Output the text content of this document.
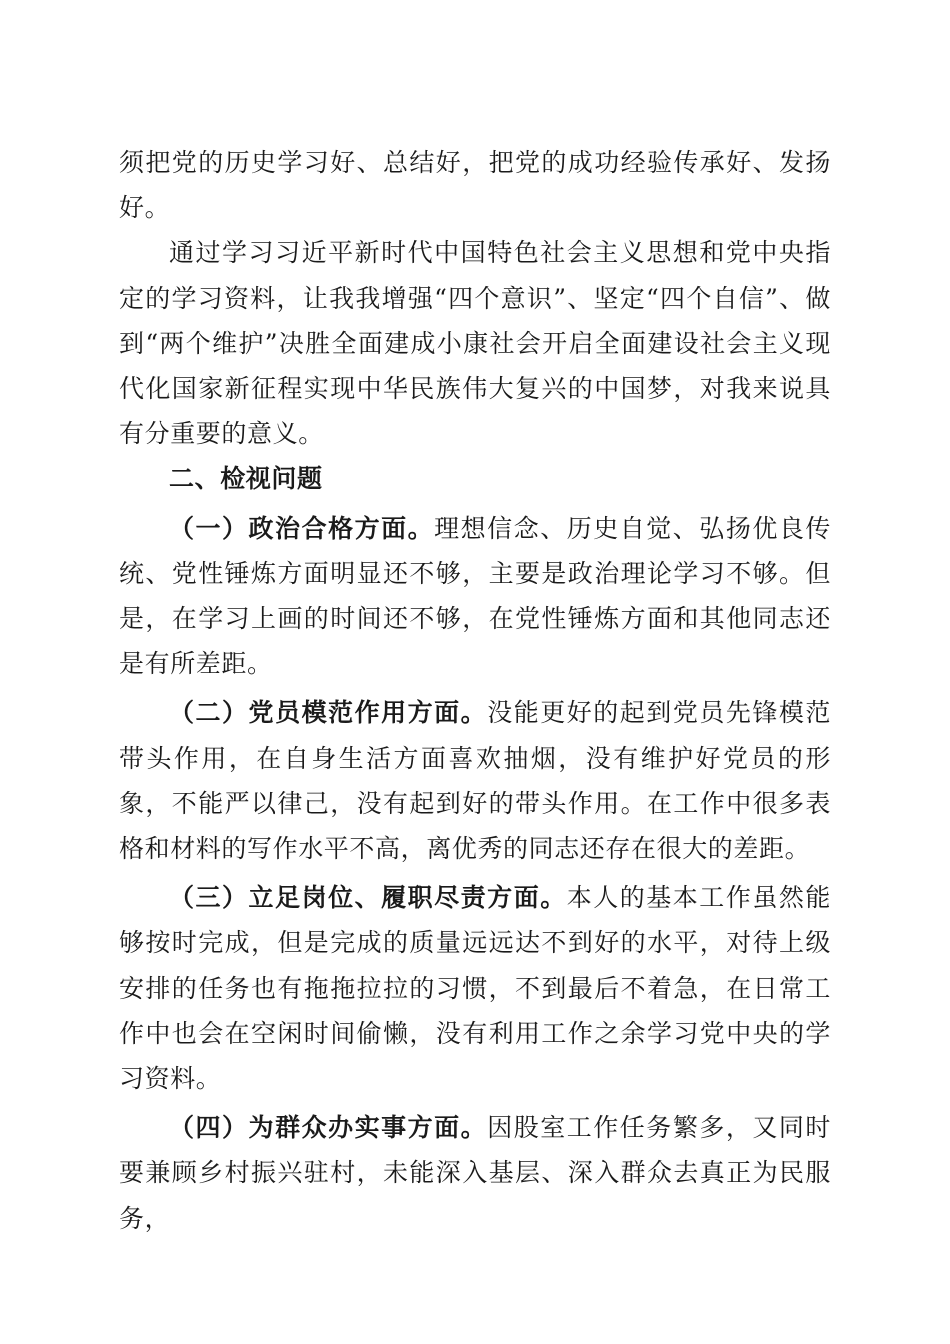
须把党的历史学习好、总结好，把党的成功经验传承好、发扬好。

通过学习习近平新时代中国特色社会主义思想和党中央指定的学习资料，让我我增强“四个意识”、坚定“四个自信”、做到“两个维护”决胜全面建成小康社会开启全面建设社会主义现代化国家新征程实现中华民族伟大复兴的中国梦，对我来说具有分重要的意义。

二、检视问题

（一）政治合格方面。理想信念、历史自觉、弘扬优良传统、党性锤炼方面明显还不够，主要是政治理论学习不够。但是，在学习上画的时间还不够，在党性锤炼方面和其他同志还是有所差距。

（二）党员模范作用方面。没能更好的起到党员先锋模范带头作用，在自身生活方面喜欢抽烟，没有维护好党员的形象，不能严以律己，没有起到好的带头作用。在工作中很多表格和材料的写作水平不高，离优秀的同志还存在很大的差距。

（三）立足岗位、履职尽责方面。本人的基本工作虽然能够按时完成，但是完成的质量远远达不到好的水平，对待上级安排的任务也有拖拖拉拉的习惯，不到最后不着急，在日常工作中也会在空闲时间偷懒，没有利用工作之余学习党中央的学习资料。

（四）为群众办实事方面。因股室工作任务繁多，又同时要兼顾乡村振兴驻村，未能深入基层、深入群众去真正为民服务，
